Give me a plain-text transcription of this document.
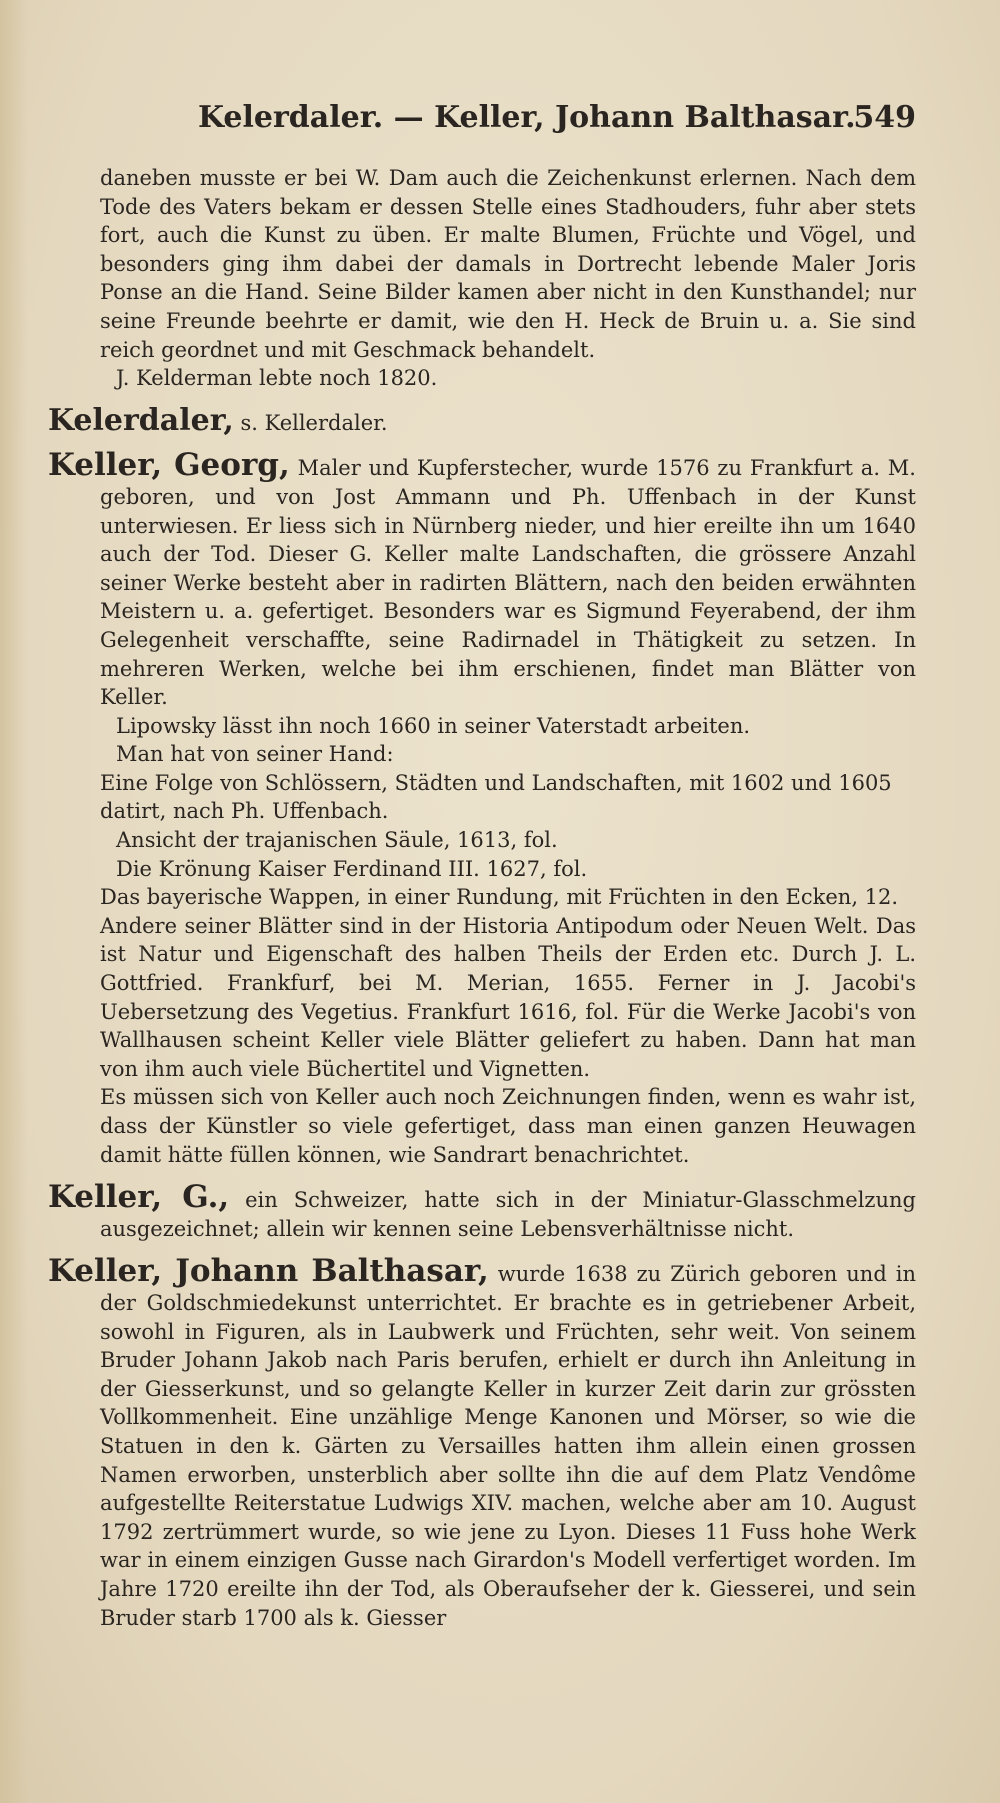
Kelerdaler. — Keller, Johann Balthasar.
549
daneben musste er bei W. Dam auch die Zeichenkunst erlernen. Nach dem Tode des Vaters bekam er dessen Stelle eines Stadhouders, fuhr aber stets fort, auch die Kunst zu üben. Er malte Blumen, Früchte und Vögel, und besonders ging ihm dabei der damals in Dortrecht lebende Maler Joris Ponse an die Hand. Seine Bilder kamen aber nicht in den Kunsthandel; nur seine Freunde beehrte er damit, wie den H. Heck de Bruin u. a. Sie sind reich geordnet und mit Geschmack behandelt.
J. Kelderman lebte noch 1820.
Kelerdaler, s. Kellerdaler.
Keller, Georg, Maler und Kupferstecher, wurde 1576 zu Frankfurt a. M. geboren, und von Jost Ammann und Ph. Uffenbach in der Kunst unterwiesen. Er liess sich in Nürnberg nieder, und hier ereilte ihn um 1640 auch der Tod. Dieser G. Keller malte Landschaften, die grössere Anzahl seiner Werke besteht aber in radirten Blättern, nach den beiden erwähnten Meistern u. a. gefertiget. Besonders war es Sigmund Feyerabend, der ihm Gelegenheit verschaffte, seine Radirnadel in Thätigkeit zu setzen. In mehreren Werken, welche bei ihm erschienen, findet man Blätter von Keller.
Lipowsky lässt ihn noch 1660 in seiner Vaterstadt arbeiten.
Man hat von seiner Hand:
Eine Folge von Schlössern, Städten und Landschaften, mit 1602 und 1605 datirt, nach Ph. Uffenbach.
Ansicht der trajanischen Säule, 1613, fol.
Die Krönung Kaiser Ferdinand III. 1627, fol.
Das bayerische Wappen, in einer Rundung, mit Früchten in den Ecken, 12.
Andere seiner Blätter sind in der Historia Antipodum oder Neuen Welt. Das ist Natur und Eigenschaft des halben Theils der Erden etc. Durch J. L. Gottfried. Frankfurf, bei M. Merian, 1655. Ferner in J. Jacobi's Uebersetzung des Vegetius. Frankfurt 1616, fol. Für die Werke Jacobi's von Wallhausen scheint Keller viele Blätter geliefert zu haben. Dann hat man von ihm auch viele Büchertitel und Vignetten.
Es müssen sich von Keller auch noch Zeichnungen finden, wenn es wahr ist, dass der Künstler so viele gefertiget, dass man einen ganzen Heuwagen damit hätte füllen können, wie Sandrart benachrichtet.
Keller, G., ein Schweizer, hatte sich in der Miniatur-Glasschmelzung ausgezeichnet; allein wir kennen seine Lebensverhältnisse nicht.
Keller, Johann Balthasar, wurde 1638 zu Zürich geboren und in der Goldschmiedekunst unterrichtet. Er brachte es in getriebener Arbeit, sowohl in Figuren, als in Laubwerk und Früchten, sehr weit. Von seinem Bruder Johann Jakob nach Paris berufen, erhielt er durch ihn Anleitung in der Giesserkunst, und so gelangte Keller in kurzer Zeit darin zur grössten Vollkommenheit. Eine unzählige Menge Kanonen und Mörser, so wie die Statuen in den k. Gärten zu Versailles hatten ihm allein einen grossen Namen erworben, unsterblich aber sollte ihn die auf dem Platz Vendôme aufgestellte Reiterstatue Ludwigs XIV. machen, welche aber am 10. August 1792 zertrümmert wurde, so wie jene zu Lyon. Dieses 11 Fuss hohe Werk war in einem einzigen Gusse nach Girardon's Modell verfertiget worden. Im Jahre 1720 ereilte ihn der Tod, als Oberaufseher der k. Giesserei, und sein Bruder starb 1700 als k. Giesser
